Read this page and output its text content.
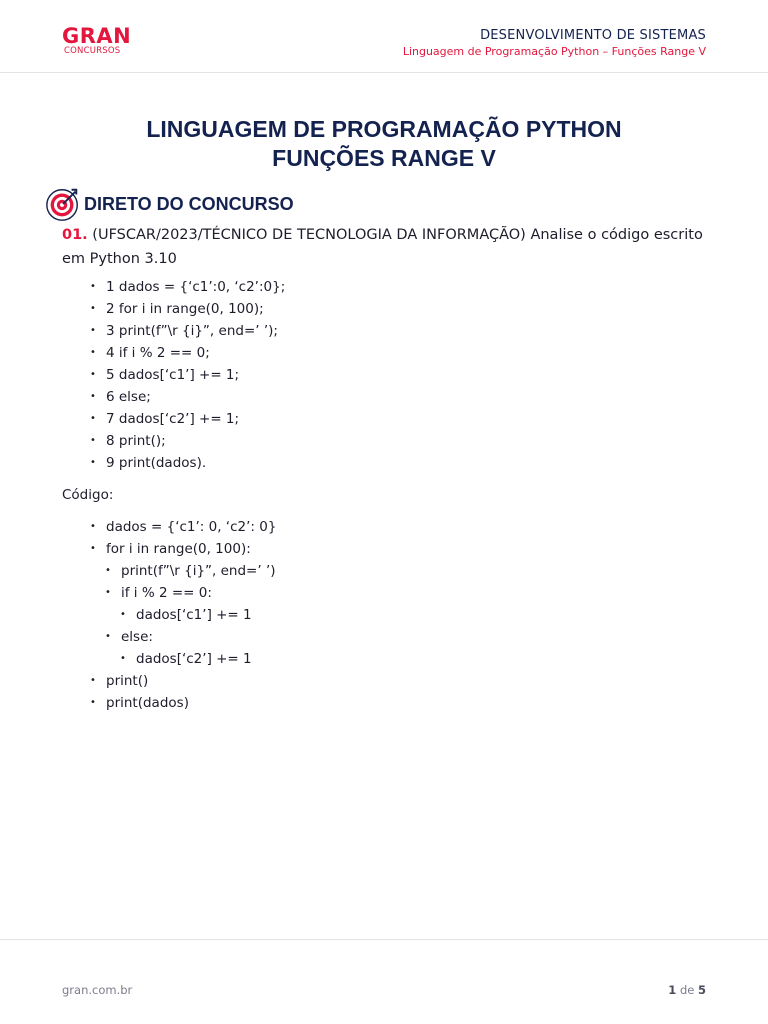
GRAN
CONCURSOS
DESENVOLVIMENTO DE SISTEMAS
Linguagem de Programação Python – Funções Range V
LINGUAGEM DE PROGRAMAÇÃO PYTHON
FUNÇÕES RANGE V
DIRETO DO CONCURSO
01. (UFSCAR/2023/TÉCNICO DE TECNOLOGIA DA INFORMAÇÃO) Analise o código escrito em Python 3.10
• 1 dados = {‘c1’:0, ‘c2’:0};
• 2 for i in range(0, 100);
• 3 print(f”\r {i}”, end=’ ’);
• 4 if i % 2 == 0;
• 5 dados[‘c1’] += 1;
• 6 else;
• 7 dados[‘c2’] += 1;
• 8 print();
• 9 print(dados).
Código:
• dados = {‘c1’: 0, ‘c2’: 0}
• for i in range(0, 100):
• print(f”\r {i}”, end=’ ’)
• if i % 2 == 0:
• dados[‘c1’] += 1
• else:
• dados[‘c2’] += 1
• print()
• print(dados)
gran.com.br	1 de 5
